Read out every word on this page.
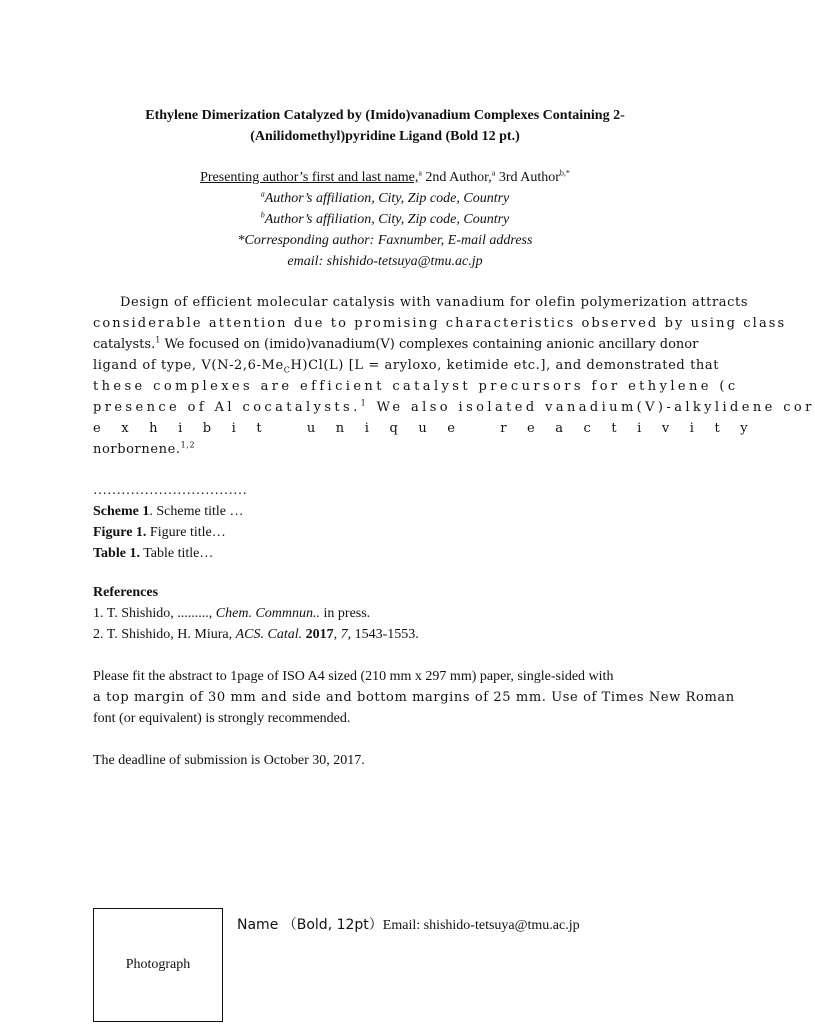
Ethylene Dimerization Catalyzed by (Imido)vanadium Complexes Containing 2-
(Anilidomethyl)pyridine Ligand (Bold 12 pt.)
Presenting author’s first and last name,$^a$ 2nd Author,$^a$ 3rd Author$^{b,*}$
$^a$Author’s affiliation, City, Zip code, Country
$^b$Author’s affiliation, City, Zip code, Country
*Corresponding author: Faxnumber, E-mail address
email: shishido-tetsuya@tmu.ac.jp
Design of efficient molecular catalysis with vanadium for olefin polymerization attracts
considerable attention due to promising characteristics observed by using class
catalysts.$^1$ We focused on (imido)vanadium(V) complexes containing anionic ancillary donor
ligand of type, $V(N-2,6-Me_CH)Cl(L) [L$ = aryloxo, ketimide etc.], and demonstrated that
these complexes are efficient catalyst precursors for ethylene (c
presence of Al cocatalysts.$^1$ We also isolated vanadium(V)-alkylidene cor
e x h i b i t
	u n i q u e
	r e a c t i v i t y

norbornene.$^{1,2}$
……………………………
Scheme 1. Scheme title …
Figure 1. Figure title…
Table 1. Table title…
References
1. T. Shishido, ........., Chem. Commnun.. in press.
2. T. Shishido, H. Miura, ACS. Catal. 2017, 7, 1543-1553.
Please fit the abstract to 1page of ISO A4 sized (210 mm x 297 mm) paper, single-sided with
a top margin of 30 mm and side and bottom margins of 25 mm. Use of Times New Roman
font (or equivalent) is strongly recommended.
The deadline of submission is October 30, 2017.
Photograph
Name （Bold, 12pt）Email: shishido-tetsuya@tmu.ac.jp
